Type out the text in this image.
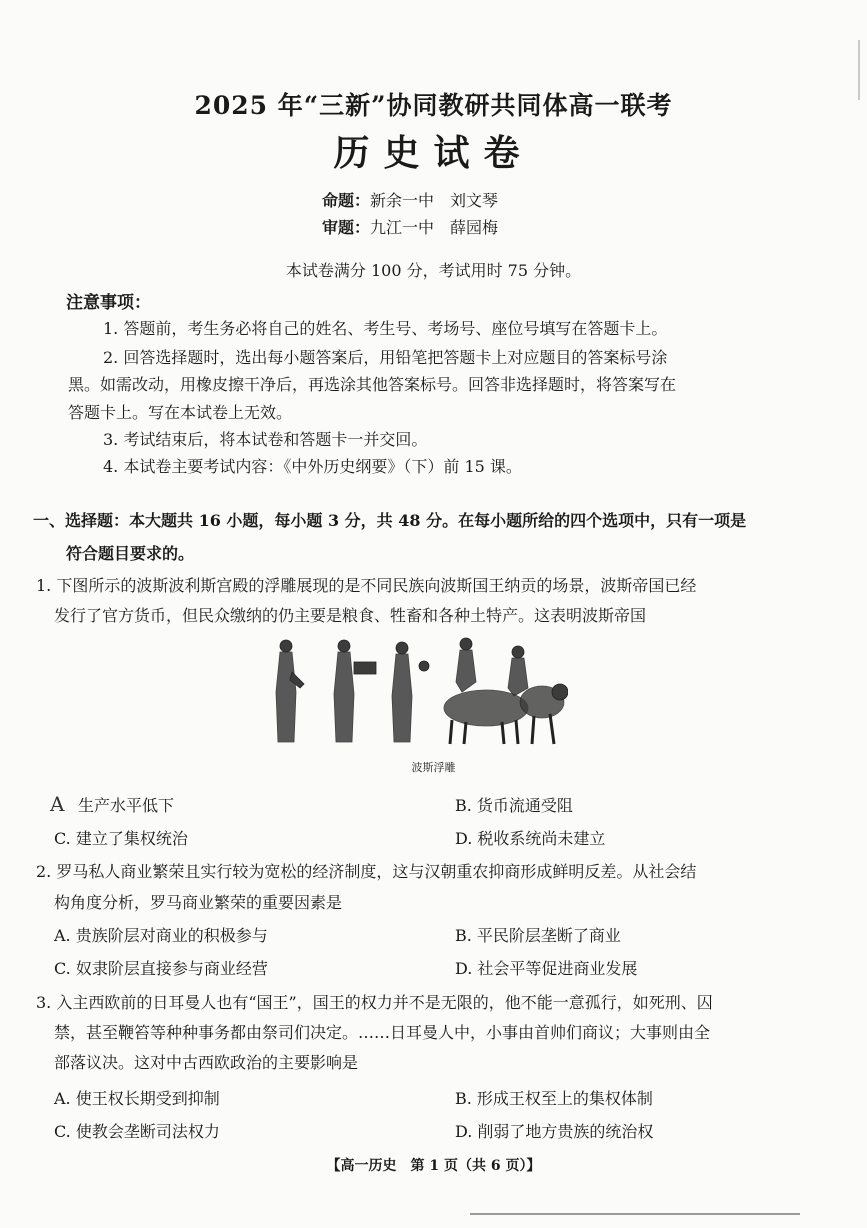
2025 年“三新”协同教研共同体高一联考
历史试卷
命题：新余一中　刘文琴
审题：九江一中　薛园梅
本试卷满分 100 分，考试用时 75 分钟。
注意事项：
1. 答题前，考生务必将自己的姓名、考生号、考场号、座位号填写在答题卡上。
2. 回答选择题时，选出每小题答案后，用铅笔把答题卡上对应题目的答案标号涂
黑。如需改动，用橡皮擦干净后，再选涂其他答案标号。回答非选择题时，将答案写在
答题卡上。写在本试卷上无效。
3. 考试结束后，将本试卷和答题卡一并交回。
4. 本试卷主要考试内容：《中外历史纲要》（下）前 15 课。
一、选择题：本大题共 16 小题，每小题 3 分，共 48 分。在每小题所给的四个选项中，只有一项是
符合题目要求的。
1. 下图所示的波斯波利斯宫殿的浮雕展现的是不同民族向波斯国王纳贡的场景，波斯帝国已经
发行了官方货币，但民众缴纳的仍主要是粮食、牲畜和各种土特产。这表明波斯帝国
波斯浮雕
A 生产水平低下	B. 货币流通受阻
C. 建立了集权统治	D. 税收系统尚未建立
2. 罗马私人商业繁荣且实行较为宽松的经济制度，这与汉朝重农抑商形成鲜明反差。从社会结
构角度分析，罗马商业繁荣的重要因素是
A. 贵族阶层对商业的积极参与	B. 平民阶层垄断了商业
C. 奴隶阶层直接参与商业经营	D. 社会平等促进商业发展
3. 入主西欧前的日耳曼人也有“国王”，国王的权力并不是无限的，他不能一意孤行，如死刑、囚
禁，甚至鞭笞等种种事务都由祭司们决定。……日耳曼人中，小事由首帅们商议；大事则由全
部落议决。这对中古西欧政治的主要影响是
A. 使王权长期受到抑制	B. 形成王权至上的集权体制
C. 使教会垄断司法权力	D. 削弱了地方贵族的统治权
【高一历史　第 1 页（共 6 页）】
